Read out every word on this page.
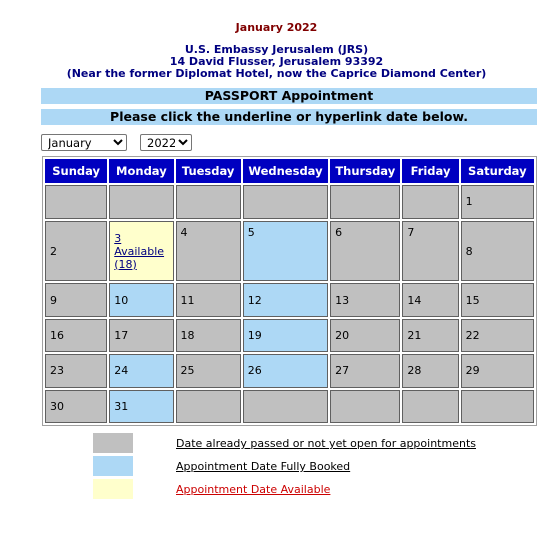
January 2022
U.S. Embassy Jerusalem (JRS)
14 David Flusser, Jerusalem 93392
(Near the former Diplomat Hotel, now the Caprice Diamond Center)
PASSPORT Appointment
Please click the underline or hyperlink date below.
January
2022
Sunday	Monday	Tuesday	Wednesday	Thursday	Friday	Saturday
						1
2	3
Available
(18)	4	5	6	7	8
9	10	11	12	13	14	15
16	17	18	19	20	21	22
23	24	25	26	27	28	29
30	31					
Date already passed or not yet open for appointments
Appointment Date Fully Booked
Appointment Date Available
